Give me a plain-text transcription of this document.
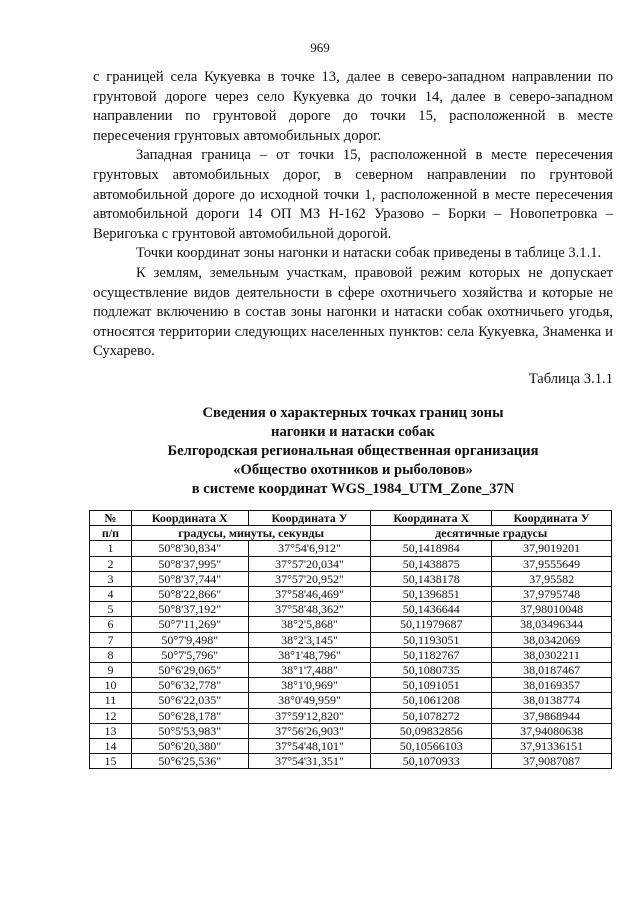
969

с границей села Кукуевка в точке 13, далее в северо-западном направлении по грунтовой дороге через село Кукуевка до точки 14, далее в северо-западном направлении по грунтовой дороге до точки 15, расположенной в месте пересечения грунтовых автомобильных дорог.

Западная граница – от точки 15, расположенной в месте пересечения грунтовых автомобильных дорог, в северном направлении по грунтовой автомобильной дороге до исходной точки 1, расположенной в месте пересечения автомобильной дороги 14 ОП МЗ Н-162 Уразово – Борки – Новопетровка – Веригоъка с грунтовой автомобильной дорогой.

Точки координат зоны нагонки и натаски собак приведены в таблице 3.1.1.

К землям, земельным участкам, правовой режим которых не допускает осуществление видов деятельности в сфере охотничьего хозяйства и которые не подлежат включению в состав зоны нагонки и натаски собак охотничьего угодья, относятся территории следующих населенных пунктов: села Кукуевка, Знаменка и Сухарево.

Таблица 3.1.1
Сведения о характерных точках границ зоны
нагонки и натаски собак
Белгородская региональная общественная организация
«Общество охотников и рыболовов»
в системе координат WGS_1984_UTM_Zone_37N
№	Координата Х	Координата У	Координата Х	Координата У
п/п	градусы, минуты, секунды		десятичные градусы	
1	50°8'30,834"	37°54'6,912"	50,1418984	37,9019201
2	50°8'37,995"	37°57'20,034"	50,1438875	37,9555649
3	50°8'37,744"	37°57'20,952"	50,1438178	37,95582
4	50°8'22,866"	37°58'46,469"	50,1396851	37,9795748
5	50°8'37,192"	37°58'48,362"	50,1436644	37,98010048
6	50°7'11,269"	38°2'5,868"	50,11979687	38,03496344
7	50°7'9,498"	38°2'3,145"	50,1193051	38,0342069
8	50°7'5,796"	38°1'48,796"	50,1182767	38,0302211
9	50°6'29,065"	38°1'7,488"	50,1080735	38,0187467
10	50°6'32,778"	38°1'0,969"	50,1091051	38,0169357
11	50°6'22,035"	38°0'49,959"	50,1061208	38,0138774
12	50°6'28,178"	37°59'12,820"	50,1078272	37,9868944
13	50°5'53,983"	37°56'26,903"	50,09832856	37,94080638
14	50°6'20,380"	37°54'48,101"	50,10566103	37,91336151
15	50°6'25,536"	37°54'31,351"	50,1070933	37,9087087
